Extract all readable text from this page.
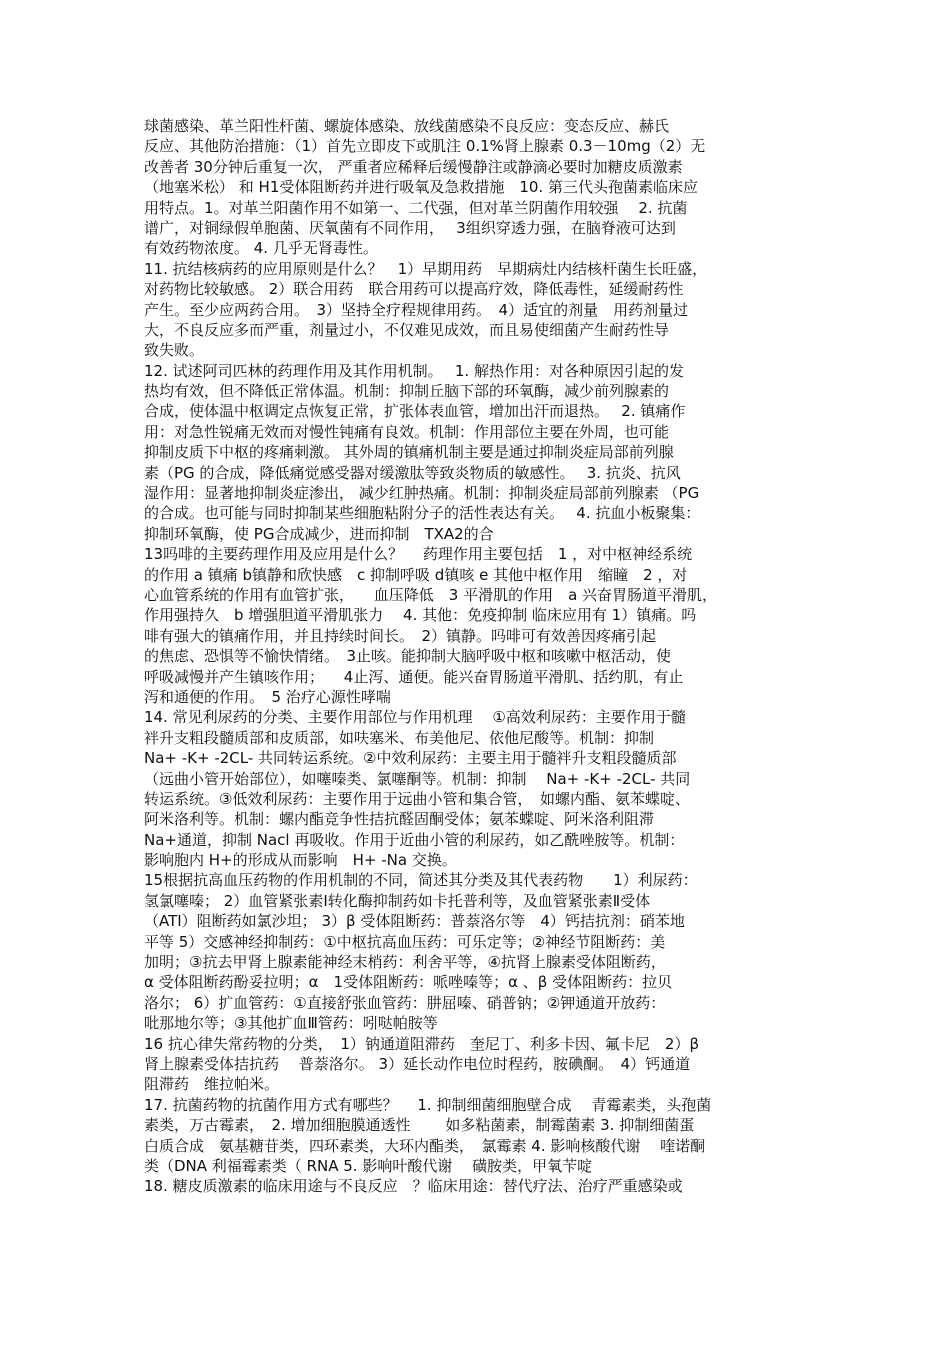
球菌感染、革兰阳性杆菌、螺旋体感染、放线菌感染不良反应：变态反应、赫氏
反应、其他防治措施：（1）首先立即皮下或肌注 0.1%肾上腺素 0.3－10mg（2）无
改善者 30分钟后重复一次， 严重者应稀释后缓慢静注或静滴必要时加糖皮质激素
（地塞米松） 和 H1受体阻断药并进行吸氧及急救措施　10. 第三代头孢菌素临床应
用特点。1。对革兰阳菌作用不如第一、二代强，但对革兰阴菌作用较强　 2. 抗菌
谱广，对铜绿假单胞菌、厌氧菌有不同作用，　 3组织穿透力强，在脑脊液可达到
有效药物浓度。 4. 几乎无肾毒性。
11. 抗结核病药的应用原则是什么？　1）早期用药　早期病灶内结核杆菌生长旺盛，
对药物比较敏感。 2）联合用药　联合用药可以提高疗效，降低毒性，延缓耐药性
产生。至少应两药合用。　3）坚持全疗程规律用药。　4）适宜的剂量　用药剂量过
大，不良反应多而严重，剂量过小，不仅难见成效，而且易使细菌产生耐药性导
致失败。
12. 试述阿司匹林的药理作用及其作用机制。　 1. 解热作用：对各种原因引起的发
热均有效，但不降低正常体温。机制：抑制丘脑下部的环氧酶，减少前列腺素的
合成，使体温中枢调定点恢复正常，扩张体表血管，增加出汗而退热。　 2. 镇痛作
用：对急性锐痛无效而对慢性钝痛有良效。机制：作用部位主要在外周，也可能
抑制皮质下中枢的疼痛刺激。 其外周的镇痛机制主要是通过抑制炎症局部前列腺
素（PG 的合成，降低痛觉感受器对缓激肽等致炎物质的敏感性。　 3. 抗炎、抗风
湿作用：显著地抑制炎症渗出， 减少红肿热痛。机制：抑制炎症局部前列腺素 （PG
的合成。也可能与同时抑制某些细胞粘附分子的活性表达有关。　 4. 抗血小板聚集：
抑制环氧酶，使 PG合成减少，进而抑制　TXA2的合
13吗啡的主要药理作用及应用是什么？　 药理作用主要包括　1 ，对中枢神经系统
的作用 a 镇痛 b镇静和欣快感　c 抑制呼吸 d镇咳 e 其他中枢作用　缩瞳　2 ，对
心血管系统的作用有血管扩张， 　血压降低　3 平滑肌的作用　a 兴奋胃肠道平滑肌，
作用强持久　b 增强胆道平滑肌张力　 4. 其他：免疫抑制 临床应用有 1）镇痛。吗
啡有强大的镇痛作用，并且持续时间长。　2）镇静。吗啡可有效善因疼痛引起
的焦虑、恐惧等不愉快情绪。　3止咳。能抑制大脑呼吸中枢和咳嗽中枢活动，使
呼吸减慢并产生镇咳作用； 　4止泻、通便。能兴奋胃肠道平滑肌、括约肌，有止
泻和通便的作用。　5 治疗心源性哮喘
14. 常见利尿药的分类、主要作用部位与作用机理　 ①高效利尿药：主要作用于髓
袢升支粗段髓质部和皮质部，如呋塞米、布美他尼、依他尼酸等。机制：抑制
Na+ -K+ -2CL- 共同转运系统。②中效利尿药：主要主用于髓袢升支粗段髓质部
（远曲小管开始部位），如噻嗪类、氯噻酮等。机制：抑制　 Na+ -K+ -2CL- 共同
转运系统。③低效利尿药：主要作用于远曲小管和集合管，　如螺内酯、氨苯蝶啶、
阿米洛利等。机制：螺内酯竞争性拮抗醛固酮受体；氨苯蝶啶、阿米洛利阻滞
Na+通道，抑制 Nacl 再吸收。作用于近曲小管的利尿药，如乙酰唑胺等。机制：
影响胞内 H+的形成从而影响　H+ -Na 交换。
15根据抗高血压药物的作用机制的不同，简述其分类及其代表药物　　1）利尿药：
氢氯噻嗪； 2）血管紧张素Ⅰ转化酶抑制药如卡托普利等，及血管紧张素Ⅱ受体
（ATI）阻断药如氯沙坦； 3）β 受体阻断药：普萘洛尔等　4）钙拮抗剂：硝苯地
平等 5）交感神经抑制药：①中枢抗高血压药：可乐定等；②神经节阻断药：美
加明；③抗去甲肾上腺素能神经末梢药：利舍平等，④抗肾上腺素受体阻断药，
α 受体阻断药酚妥拉明；α　1受体阻断药：哌唑嗪等；α 、β 受体阻断药：拉贝
洛尔； 6）扩血管药：①直接舒张血管药：肼屈嗪、硝普钠；②钾通道开放药：
吡那地尔等；③其他扩血Ⅲ管药：吲哒帕胺等
16 抗心律失常药物的分类，　1）钠通道阻滞药　奎尼丁、利多卡因、氟卡尼　2）β
肾上腺素受体拮抗药　 普萘洛尔。 3）延长动作电位时程药，胺碘酮。　4）钙通道
阻滞药　维拉帕米。
17. 抗菌药物的抗菌作用方式有哪些？　 1. 抑制细菌细胞壁合成　 青霉素类，头孢菌
素类，万古霉素，　2. 增加细胞膜通透性　　 如多粘菌素，制霉菌素 3. 抑制细菌蛋
白质合成　氨基糖苷类，四环素类，大环内酯类，　氯霉素 4. 影响核酸代谢　 喹诺酮
类（DNA 利福霉素类（ RNA 5. 影响叶酸代谢　 磺胺类，甲氧苄啶
18. 糖皮质激素的临床用途与不良反应　？临床用途：替代疗法、治疗严重感染或
